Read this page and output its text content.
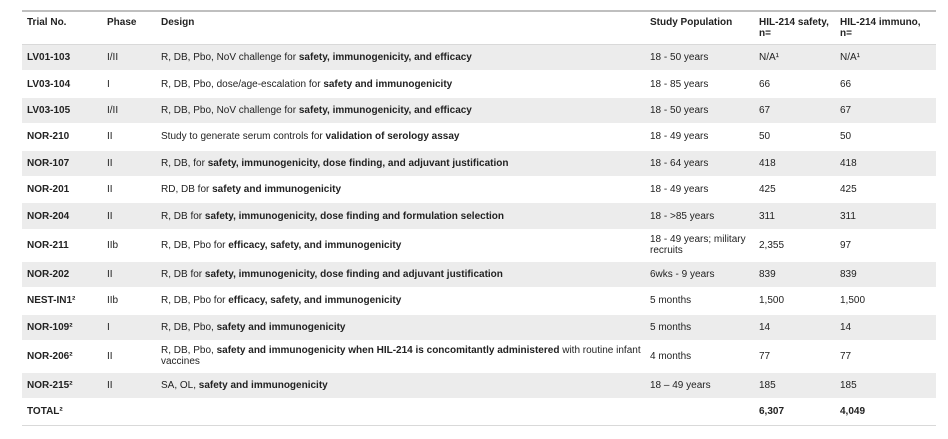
Trial No.	Phase	Design	Study Population	HIL-214 safety, n=	HIL-214 immuno, n=
LV01-103	I/II	R, DB, Pbo, NoV challenge for safety, immunogenicity, and efficacy	18 - 50 years	N/A¹	N/A¹
LV03-104	I	R, DB, Pbo, dose/age-escalation for safety and immunogenicity	18 - 85 years	66	66
LV03-105	I/II	R, DB, Pbo, NoV challenge for safety, immunogenicity, and efficacy	18 - 50 years	67	67
NOR-210	II	Study to generate serum controls for validation of serology assay	18 - 49 years	50	50
NOR-107	II	R, DB, for safety, immunogenicity, dose finding, and adjuvant justification	18 - 64 years	418	418
NOR-201	II	RD, DB for safety and immunogenicity	18 - 49 years	425	425
NOR-204	II	R, DB for safety, immunogenicity, dose finding and formulation selection	18 - >85 years	311	311
NOR-211	IIb	R, DB, Pbo for efficacy, safety, and immunogenicity	18 - 49 years; military recruits	2,355	97
NOR-202	II	R, DB for safety, immunogenicity, dose finding and adjuvant justification	6wks - 9 years	839	839
NEST-IN1²	IIb	R, DB, Pbo for efficacy, safety, and immunogenicity	5 months	1,500	1,500
NOR-109²	I	R, DB, Pbo, safety and immunogenicity	5 months	14	14
NOR-206²	II	R, DB, Pbo, safety and immunogenicity when HIL-214 is concomitantly administered with routine infant vaccines	4 months	77	77
NOR-215²	II	SA, OL, safety and immunogenicity	18 – 49 years	185	185
TOTAL²				6,307	4,049
